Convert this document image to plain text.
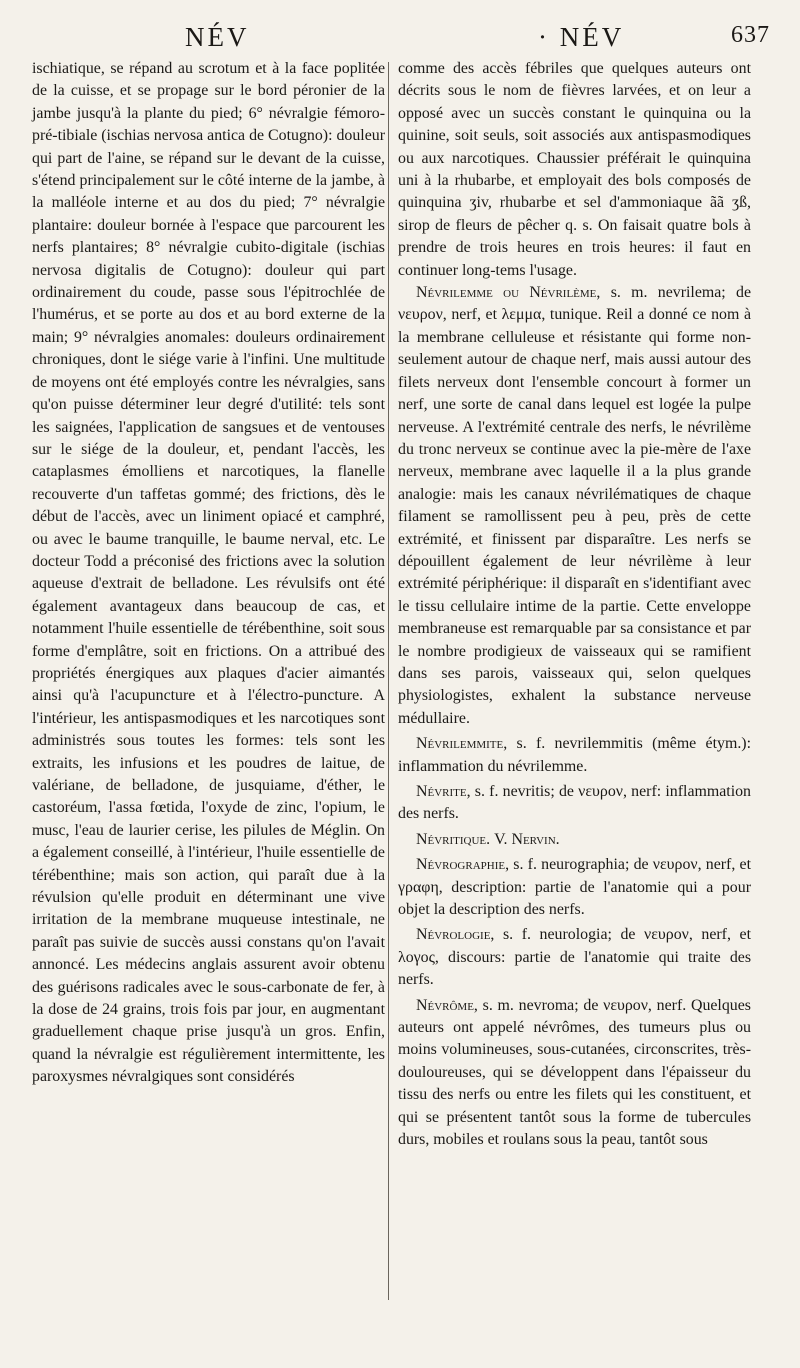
NÉV	· NÉV	637

ischiatique, se répand au scrotum et à la face poplitée de la cuisse, et se propage sur le bord péronier de la jambe jusqu'à la plante du pied; 6° névralgie fémoro-pré-tibiale (ischias nervosa antica de Cotugno): douleur qui part de l'aine, se répand sur le devant de la cuisse, s'étend principalement sur le côté interne de la jambe, à la malléole interne et au dos du pied; 7° névralgie plantaire: douleur bornée à l'espace que parcourent les nerfs plantaires; 8° névralgie cubito-digitale (ischias nervosa digitalis de Cotugno): douleur qui part ordinairement du coude, passe sous l'épitrochlée de l'humérus, et se porte au dos et au bord externe de la main; 9° névralgies anomales: douleurs ordinairement chroniques, dont le siége varie à l'infini. Une multitude de moyens ont été employés contre les névralgies, sans qu'on puisse déterminer leur degré d'utilité: tels sont les saignées, l'application de sangsues et de ventouses sur le siége de la douleur, et, pendant l'accès, les cataplasmes émolliens et narcotiques, la flanelle recouverte d'un taffetas gommé; des frictions, dès le début de l'accès, avec un liniment opiacé et camphré, ou avec le baume tranquille, le baume nerval, etc. Le docteur Todd a préconisé des frictions avec la solution aqueuse d'extrait de belladone. Les révulsifs ont été également avantageux dans beaucoup de cas, et notamment l'huile essentielle de térébenthine, soit sous forme d'emplâtre, soit en frictions. On a attribué des propriétés énergiques aux plaques d'acier aimantés ainsi qu'à l'acupuncture et à l'électro-puncture. A l'intérieur, les antispasmodiques et les narcotiques sont administrés sous toutes les formes: tels sont les extraits, les infusions et les poudres de laitue, de valériane, de belladone, de jusquiame, d'éther, le castoréum, l'assa fœtida, l'oxyde de zinc, l'opium, le musc, l'eau de laurier cerise, les pilules de Méglin. On a également conseillé, à l'intérieur, l'huile essentielle de térébenthine; mais son action, qui paraît due à la révulsion qu'elle produit en déterminant une vive irritation de la membrane muqueuse intestinale, ne paraît pas suivie de succès aussi constans qu'on l'avait annoncé. Les médecins anglais assurent avoir obtenu des guérisons radicales avec le sous-carbonate de fer, à la dose de 24 grains, trois fois par jour, en augmentant graduellement chaque prise jusqu'à un gros. Enfin, quand la névralgie est régulièrement intermittente, les paroxysmes névralgiques sont considérés

comme des accès fébriles que quelques auteurs ont décrits sous le nom de fièvres larvées, et on leur a opposé avec un succès constant le quinquina ou la quinine, soit seuls, soit associés aux antispasmodiques ou aux narcotiques. Chaussier préférait le quinquina uni à la rhubarbe, et employait des bols composés de quinquina ʒiv, rhubarbe et sel d'ammoniaque ãã ʒß, sirop de fleurs de pêcher q. s. On faisait quatre bols à prendre de trois heures en trois heures: il faut en continuer long-tems l'usage.

Névrilemme ou Névrilème, s. m. nevrilema; de νευρον, nerf, et λεμμα, tunique. Reil a donné ce nom à la membrane celluleuse et résistante qui forme non-seulement autour de chaque nerf, mais aussi autour des filets nerveux dont l'ensemble concourt à former un nerf, une sorte de canal dans lequel est logée la pulpe nerveuse. A l'extrémité centrale des nerfs, le névrilème du tronc nerveux se continue avec la pie-mère de l'axe nerveux, membrane avec laquelle il a la plus grande analogie: mais les canaux névrilématiques de chaque filament se ramollissent peu à peu, près de cette extrémité, et finissent par disparaître. Les nerfs se dépouillent également de leur névrilème à leur extrémité périphérique: il disparaît en s'identifiant avec le tissu cellulaire intime de la partie. Cette enveloppe membraneuse est remarquable par sa consistance et par le nombre prodigieux de vaisseaux qui se ramifient dans ses parois, vaisseaux qui, selon quelques physiologistes, exhalent la substance nerveuse médullaire.

Névrilemmite, s. f. nevrilemmitis (même étym.): inflammation du névrilemme.

Névrite, s. f. nevritis; de νευρον, nerf: inflammation des nerfs.

Névritique. V. Nervin.

Névrographie, s. f. neurographia; de νευρον, nerf, et γραφη, description: partie de l'anatomie qui a pour objet la description des nerfs.

Névrologie, s. f. neurologia; de νευρον, nerf, et λογος, discours: partie de l'anatomie qui traite des nerfs.

Névrôme, s. m. nevroma; de νευρον, nerf. Quelques auteurs ont appelé névrômes, des tumeurs plus ou moins volumineuses, sous-cutanées, circonscrites, très-douloureuses, qui se développent dans l'épaisseur du tissu des nerfs ou entre les filets qui les constituent, et qui se présentent tantôt sous la forme de tubercules durs, mobiles et roulans sous la peau, tantôt sous
